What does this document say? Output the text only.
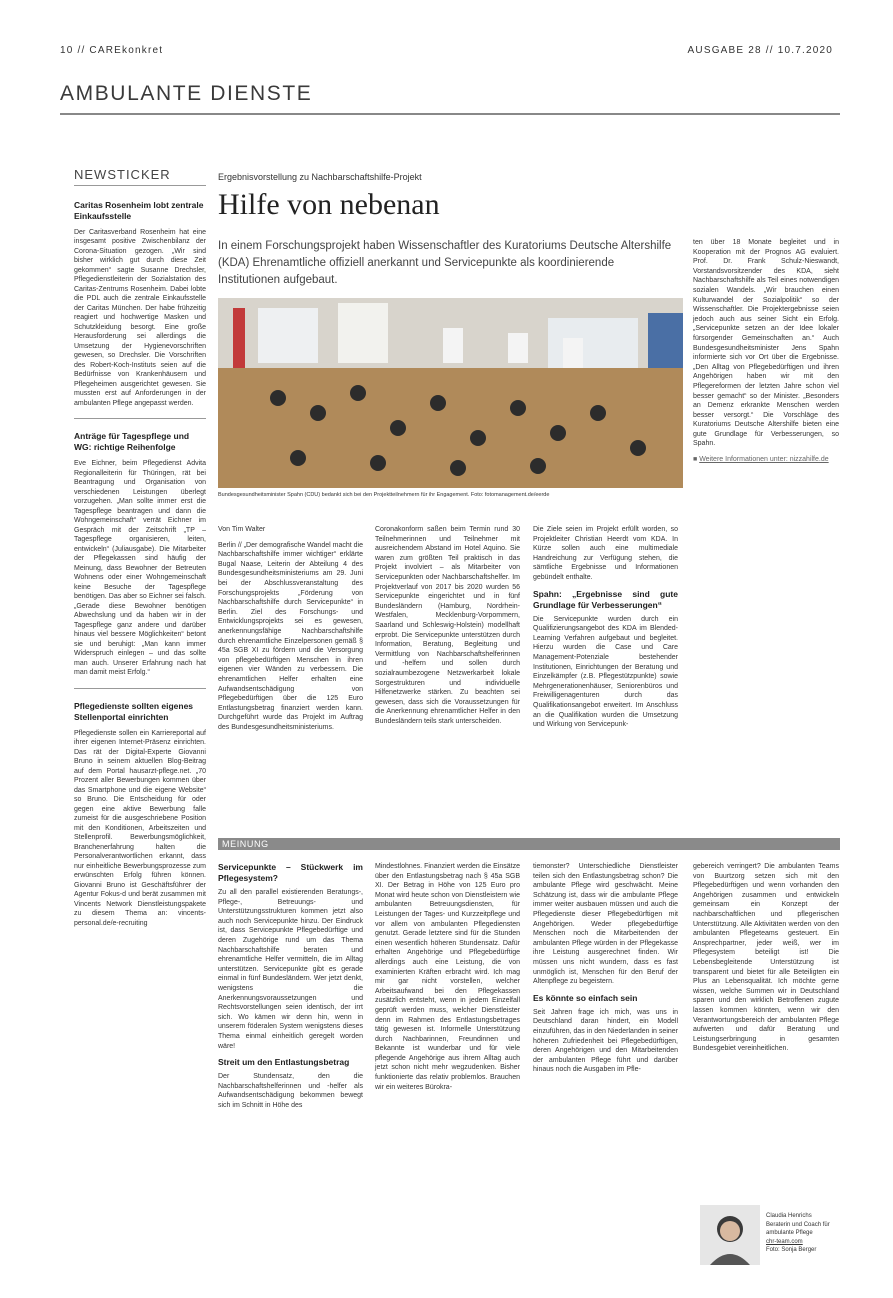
10 // CAREkonkret	AUSGABE 28 // 10.7.2020
AMBULANTE DIENSTE
NEWSTICKER
Caritas Rosenheim lobt zentrale Einkaufsstelle
Der Caritasverband Rosenheim hat eine insgesamt positive Zwischenbilanz der Corona-Situation gezogen. „Wir sind bisher wirklich gut durch diese Zeit gekommen“ sagte Susanne Drechsler, Pflegedienstleiterin der Sozialstation des Caritas-Zentrums Rosenheim. Dabei lobte die PDL auch die zentrale Einkaufsstelle der Caritas München. Der habe frühzeitig reagiert und hochwertige Masken und Schutzkleidung besorgt. Eine große Herausforderung sei allerdings die Umsetzung der Hygienevorschriften gewesen, so Drechsler. Die Vorschriften des Robert-Koch-Instituts seien auf die Bedürfnisse von Krankenhäusern und Pflegeheimen ausgerichtet gewesen. Sie mussten erst auf Anforderungen in der ambulanten Pflege angepasst werden.
Anträge für Tagespflege und WG: richtige Reihenfolge
Eve Eichner, beim Pflegedienst Advita Regionalleiterin für Thüringen, rät bei Beantragung und Organisation von verschiedenen Leistungen überlegt vorzugehen. „Man sollte immer erst die Tagespflege beantragen und dann die Wohngemeinschaft“ verrät Eichner im Gespräch mit der Zeitschrift „TP – Tagespflege organisieren, leiten, entwickeln“ (Juliausgabe). Die Mitarbeiter der Pflegekassen sind häufig der Meinung, dass Bewohner der Betreuten Wohnens oder einer Wohngemeinschaft keine Besuche der Tagespflege benötigen. Das aber so Eichner sei falsch. „Gerade diese Bewohner benötigen Abwechslung und da haben wir in der Tagespflege ganz andere und darüber hinaus viel bessere Möglichkeiten“ betont sie und beruhigt: „Man kann immer Widerspruch einlegen – und das sollte man auch. Unserer Erfahrung nach hat man damit meist Erfolg.“
Pflegedienste sollten eigenes Stellenportal einrichten
Pflegedienste sollen ein Karriereportal auf ihrer eigenen Internet-Präsenz einrichten. Das rät der Digital-Experte Giovanni Bruno in seinem aktuellen Blog-Beitrag auf dem Portal hausarzt-pflege.net. „70 Prozent aller Bewerbungen kommen über das Smartphone und die eigene Website“ so Bruno. Die Entscheidung für oder gegen eine aktive Bewerbung falle zumeist für die ausgeschriebene Position mit den Konditionen, Arbeitszeiten und Stellenprofil. Bewerbungsmöglichkeit, Branchenerfahrung halten die Personalverantwortlichen erkannt, dass nur einheitliche Bewerbungsprozesse zum erwünschten Erfolg führen können. Giovanni Bruno ist Geschäftsführer der Agentur Fokus-d und berät zusammen mit Vincents Network Dienstleistungspakete zu diesem Thema an: vincents-personal.de/e-recruiting
Ergebnisvorstellung zu Nachbarschaftshilfe-Projekt
Hilfe von nebenan
In einem Forschungsprojekt haben Wissenschaftler des Kuratoriums Deutsche Altershilfe (KDA) Ehrenamtliche offiziell anerkannt und Servicepunkte als koordinierende Institutionen aufgebaut.
Bundesgesundheitsminister Spahn (CDU) bedankt sich bei den Projektteilnehmern für ihr Engagement. Foto: fotomanagement.de/eerde
Von Tim Walter
Berlin // „Der demografische Wandel macht die Nachbarschaftshilfe immer wichtiger“ erklärte Bugal Naase, Leiterin der Abteilung 4 des Bundesgesundheitsministeriums am 29. Juni bei der Abschlussveranstaltung des Forschungsprojekts „Förderung von Nachbarschaftshilfe durch Servicepunkte“ in Berlin. Ziel des Forschungs- und Entwicklungsprojekts sei es gewesen, anerkennungsfähige Nachbarschaftshilfe durch ehrenamtliche Einzelpersonen gemäß § 45a SGB XI zu fördern und die Versorgung von pflegebedürftigen Menschen in ihren eigenen vier Wänden zu verbessern. Die ehrenamtlichen Helfer erhalten eine Aufwandsentschädigung von Pflegebedürftigen über die 125 Euro Entlastungsbetrag finanziert werden kann. Durchgeführt wurde das Projekt im Auftrag des Bundesgesundheitsministeriums.
Coronakonform saßen beim Termin rund 30 Teilnehmerinnen und Teilnehmer mit ausreichendem Abstand im Hotel Aquino. Sie waren zum größten Teil praktisch in das Projekt involviert – als Mitarbeiter von Servicepunkten oder Nachbarschaftshelfer. Im Projektverlauf von 2017 bis 2020 wurden 56 Servicepunkte eingerichtet und in fünf Bundesländern (Hamburg, Nordrhein-Westfalen, Mecklenburg-Vorpommern, Saarland und Schleswig-Holstein) modellhaft erprobt. Die Servicepunkte unterstützen durch Information, Beratung, Begleitung und Vermittlung von Nachbarschaftshelferinnen und -helfern und sollen durch sozialraumbezogene Netzwerkarbeit lokale Sorgestrukturen und individuelle Hilfenetzwerke stärken. Zu beachten sei gewesen, dass sich die Voraussetzungen für die Anerkennung ehrenamtlicher Helfer in den Bundesländern teils stark unterscheiden.
Die Ziele seien im Projekt erfüllt worden, so Projektleiter Christian Heerdt vom KDA. In Kürze sollen auch eine multimediale Handreichung zur Verfügung stehen, die sämtliche Ergebnisse und Informationen gebündelt enthalte.
Spahn: „Ergebnisse sind gute Grundlage für Verbesserungen“
Die Servicepunkte wurden durch ein Qualifizierungsangebot des KDA im Blended-Learning Verfahren aufgebaut und begleitet. Hierzu wurden die Case und Care Management-Potenziale bestehender Institutionen, Einrichtungen der Beratung und Einzelkämpfer (z.B. Pflegestützpunkte) sowie Mehrgenerationenhäuser, Seniorenbüros und Freiwilligenagenturen durch das Qualifikationsangebot erweitert. Im Anschluss an die Qualifikation wurden die Umsetzung und Wirkung von Servicepunk-
ten über 18 Monate begleitet und in Kooperation mit der Prognos AG evaluiert. Prof. Dr. Frank Schulz-Nieswandt, Vorstandsvorsitzender des KDA, sieht Nachbarschaftshilfe als Teil eines notwendigen sozialen Wandels. „Wir brauchen einen Kulturwandel der Sozialpolitik“ so der Wissenschaftler. Die Projektergebnisse seien jedoch auch aus seiner Sicht ein Erfolg. „Servicepunkte setzen an der Idee lokaler fürsorgender Gemeinschaften an.“ Auch Bundesgesundheitsminister Jens Spahn informierte sich vor Ort über die Ergebnisse. „Den Alltag von Pflegebedürftigen und ihren Angehörigen haben wir mit den Pflegereformen der letzten Jahre schon viel besser gemacht“ so der Minister. „Besonders an Demenz erkrankte Menschen werden besser versorgt.“ Die Vorschläge des Kuratoriums Deutsche Altershilfe bieten eine gute Grundlage für Verbesserungen, so Spahn.
■ Weitere Informationen unter: nizzahilfe.de
MEINUNG
Servicepunkte – Stückwerk im Pflegesystem?
Zu all den parallel existierenden Beratungs-, Pflege-, Betreuungs- und Unterstützungsstrukturen kommen jetzt also auch noch Servicepunkte hinzu. Der Eindruck ist, dass Servicepunkte Pflegebedürftige und deren Zugehörige rund um das Thema Nachbarschaftshilfe beraten und ehrenamtliche Helfer vermitteln, die im Alltag unterstützen. Servicepunkte gibt es gerade einmal in fünf Bundesländern. Wer jetzt denkt, wenigstens die Anerkennungsvoraussetzungen und Rechtsvorstellungen seien identisch, der irrt sich. Wo kämen wir denn hin, wenn in unserem föderalen System wenigstens dieses Thema einmal einheitlich geregelt worden wäre!
Streit um den Entlastungsbetrag
Der Stundensatz, den die Nachbarschaftshelferinnen und -helfer als Aufwandsentschädigung bekommen bewegt sich im Schnitt in Höhe des
Mindestlohnes. Finanziert werden die Einsätze über den Entlastungsbetrag nach § 45a SGB XI. Der Betrag in Höhe von 125 Euro pro Monat wird heute schon von Dienstleistern wie ambulanten Betreuungsdiensten, für Leistungen der Tages- und Kurzzeitpflege und vor allem von ambulanten Pflegediensten genutzt. Gerade letztere sind für die Stunden einen wesentlich höheren Stundensatz. Dafür erhalten Angehörige und Pflegebedürftige allerdings auch eine Leistung, die von examinierten Kräften erbracht wird. Ich mag mir gar nicht vorstellen, welcher Arbeitsaufwand bei den Pflegekassen zusätzlich entsteht, wenn in jedem Einzelfall geprüft werden muss, welcher Dienstleister denn im Rahmen des Entlastungsbetrages tätig gewesen ist. Informelle Unterstützung durch Nachbarinnen, Freundinnen und Bekannte ist wunderbar und für viele pflegende Angehörige aus ihrem Alltag auch jetzt schon nicht mehr wegzudenken. Bisher funktionierte das relativ problemlos. Brauchen wir ein weiteres Bürokra-
tiemonster? Unterschiedliche Dienstleister teilen sich den Entlastungsbetrag schon? Die ambulante Pflege wird geschwächt. Meine Schätzung ist, dass wir die ambulante Pflege immer weiter ausbauen müssen und auch die Pflegedienste dieser Pflegebedürftigen mit Angehörigen. Weder pflegebedürftige Menschen noch die Mitarbeitenden der ambulanten Pflege würden in der Pflegekasse ihre Leistung ausgerechnet finden. Wir müssen uns nicht wundern, dass es fast unmöglich ist, Menschen für den Beruf der Altenpflege zu begeistern.
Es könnte so einfach sein
Seit Jahren frage ich mich, was uns in Deutschland daran hindert, ein Modell einzuführen, das in den Niederlanden in seiner höheren Zufriedenheit bei Pflegebedürftigen, deren Angehörigen und den Mitarbeitenden der ambulanten Pflege führt und darüber hinaus noch die Ausgaben im Pfle-
gebereich verringert? Die ambulanten Teams von Buurtzorg setzen sich mit den Pflegebedürftigen und wenn vorhanden den Angehörigen zusammen und entwickeln gemeinsam ein Konzept der nachbarschaftlichen und pflegerischen Unterstützung. Alle Aktivitäten werden von den ambulanten Pflegeteams gesteuert. Ein Ansprechpartner, jeder weiß, wer im Pflegesystem beteiligt ist! Die Lebensbegleitende Unterstützung ist transparent und bietet für alle Beteiligten ein Plus an Lebensqualität. Ich möchte gerne wissen, welche Summen wir in Deutschland sparen und den wirklich Betroffenen zugute lassen kommen könnten, wenn wir den Verantwortungsbereich der ambulanten Pflege aufwerten und dafür Beratung und Leistungserbringung in gesamten Bundesgebiet vereinheitlichen.
Claudia Henrichs
Beraterin und Coach für ambulante Pflege
chr-team.com
Foto: Sonja Berger
